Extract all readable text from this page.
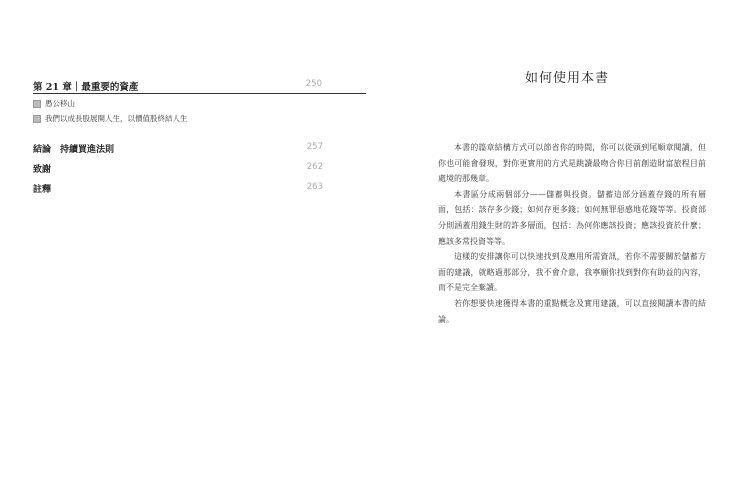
第 21 章｜最重要的資產	250
愚公移山
我們以成長股展開人生，以價值股終結人生
結論　持續買進法則	257
致謝	262
註釋	263
如何使用本書

本書的篇章結構方式可以節省你的時間，你可以從頭到尾順章閱讀，但你也可能會發現，對你更實用的方式是跳讀最吻合你目前創造財富旅程目前處境的那幾章。

本書區分成兩個部分——儲蓄與投資。儲蓄這部分涵蓋存錢的所有層面，包括：該存多少錢；如何存更多錢；如何無罪惡感地花錢等等。投資部分則涵蓋用錢生財的許多層面，包括：為何你應該投資；應該投資於什麼；應該多常投資等等。

這樣的安排讓你可以快速找到及應用所需資訊，若你不需要關於儲蓄方面的建議，就略過那部分，我不會介意，我寧願你找到對你有助益的內容，而不是完全棄讀。

若你想要快速獲得本書的重點概念及實用建議，可以直接閱讀本書的結論。
